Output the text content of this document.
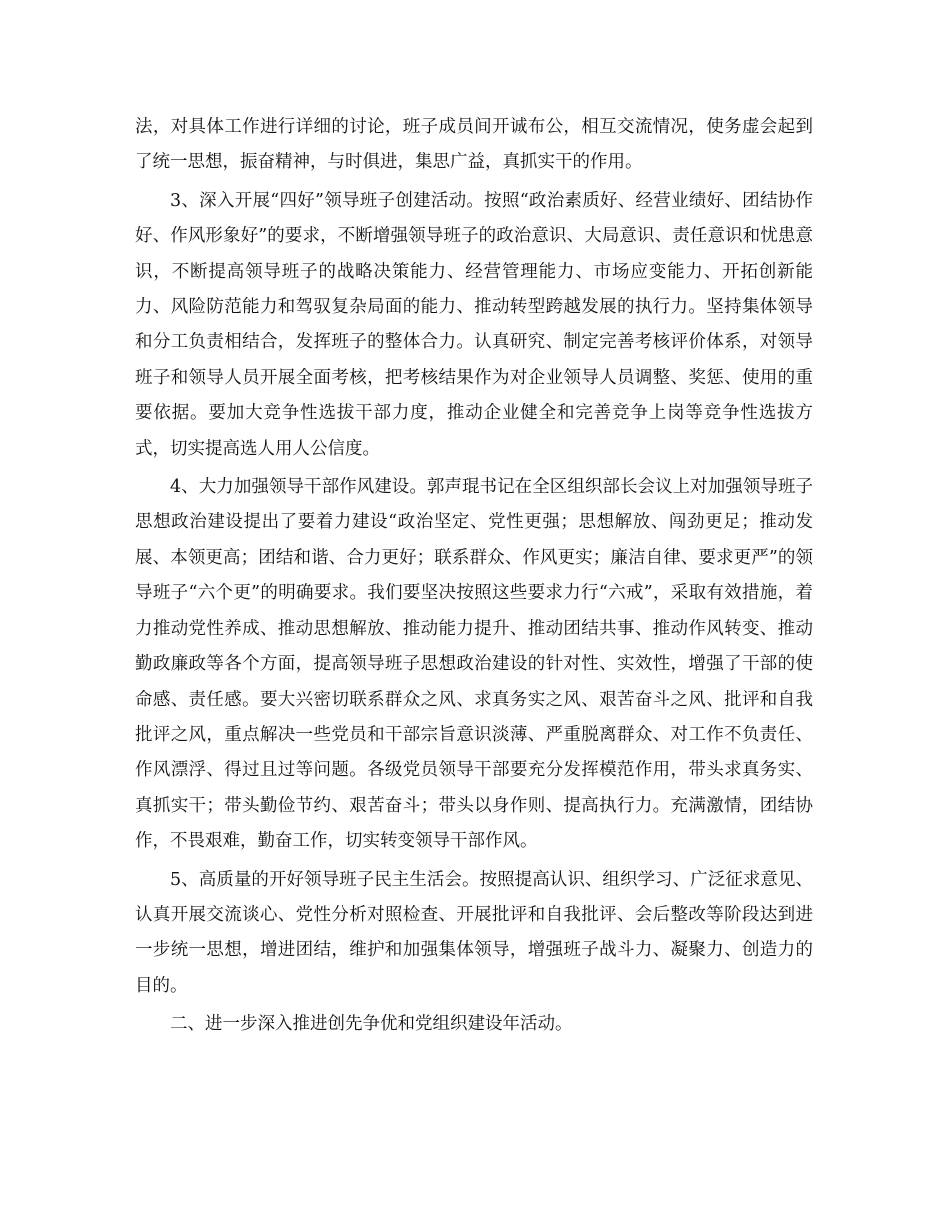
法，对具体工作进行详细的讨论，班子成员间开诚布公，相互交流情况，使务虚会起到了统一思想，振奋精神，与时俱进，集思广益，真抓实干的作用。

3、深入开展“四好”领导班子创建活动。按照“政治素质好、经营业绩好、团结协作好、作风形象好”的要求，不断增强领导班子的政治意识、大局意识、责任意识和忧患意识，不断提高领导班子的战略决策能力、经营管理能力、市场应变能力、开拓创新能力、风险防范能力和驾驭复杂局面的能力、推动转型跨越发展的执行力。坚持集体领导和分工负责相结合，发挥班子的整体合力。认真研究、制定完善考核评价体系，对领导班子和领导人员开展全面考核，把考核结果作为对企业领导人员调整、奖惩、使用的重要依据。要加大竞争性选拔干部力度，推动企业健全和完善竞争上岗等竞争性选拔方式，切实提高选人用人公信度。

4、大力加强领导干部作风建设。郭声琨书记在全区组织部长会议上对加强领导班子思想政治建设提出了要着力建设“政治坚定、党性更强；思想解放、闯劲更足；推动发展、本领更高；团结和谐、合力更好；联系群众、作风更实；廉洁自律、要求更严”的领导班子“六个更”的明确要求。我们要坚决按照这些要求力行“六戒”，采取有效措施，着力推动党性养成、推动思想解放、推动能力提升、推动团结共事、推动作风转变、推动勤政廉政等各个方面，提高领导班子思想政治建设的针对性、实效性，增强了干部的使命感、责任感。要大兴密切联系群众之风、求真务实之风、艰苦奋斗之风、批评和自我批评之风，重点解决一些党员和干部宗旨意识淡薄、严重脱离群众、对工作不负责任、作风漂浮、得过且过等问题。各级党员领导干部要充分发挥模范作用，带头求真务实、真抓实干；带头勤俭节约、艰苦奋斗；带头以身作则、提高执行力。充满激情，团结协作，不畏艰难，勤奋工作，切实转变领导干部作风。

5、高质量的开好领导班子民主生活会。按照提高认识、组织学习、广泛征求意见、认真开展交流谈心、党性分析对照检查、开展批评和自我批评、会后整改等阶段达到进一步统一思想，增进团结，维护和加强集体领导，增强班子战斗力、凝聚力、创造力的目的。

二、进一步深入推进创先争优和党组织建设年活动。
